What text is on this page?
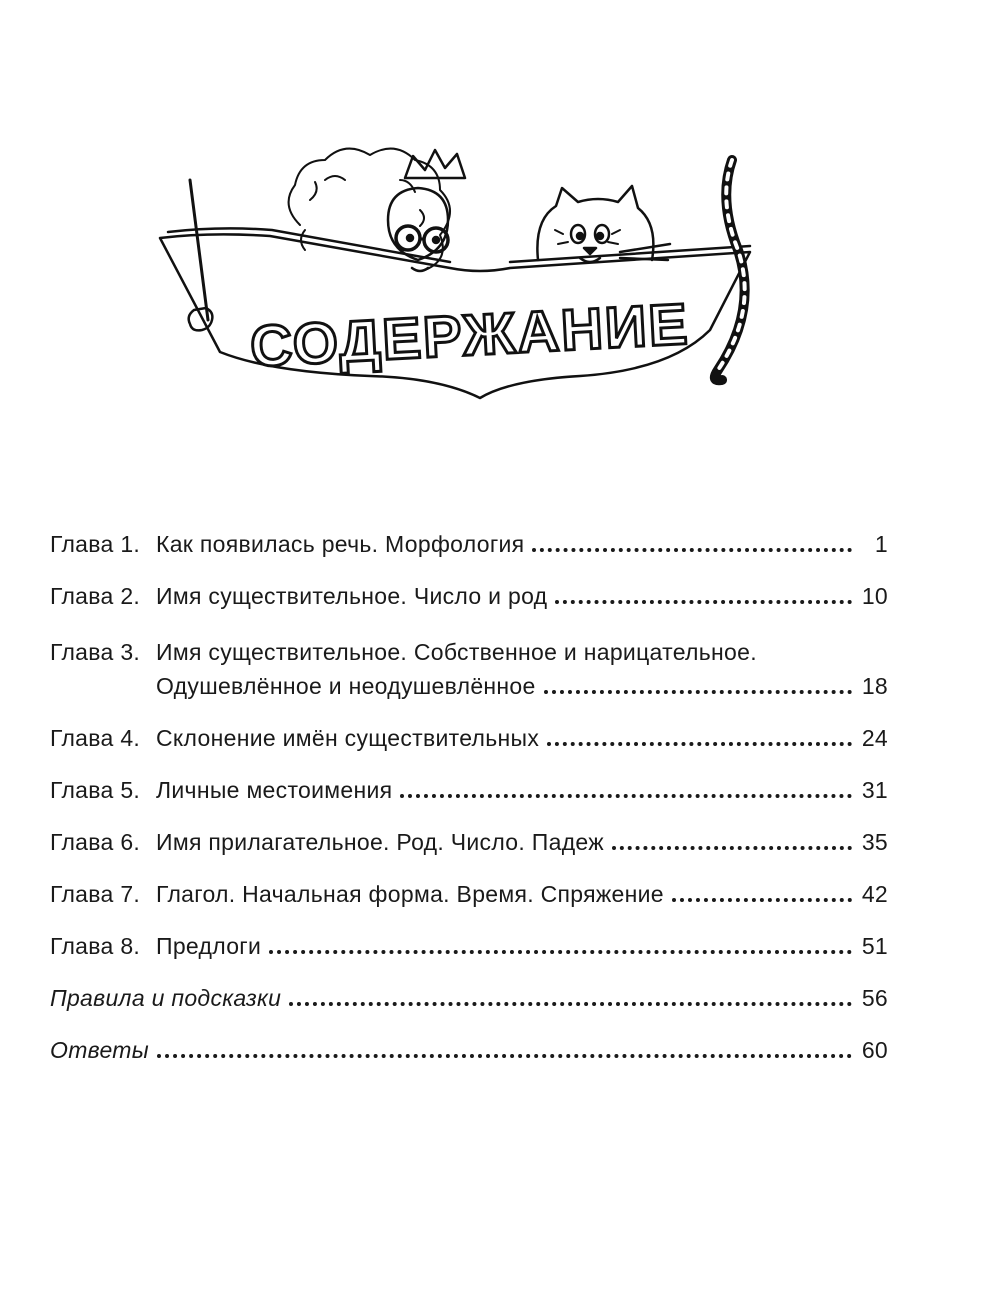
СОДЕРЖАНИЕ
Глава 1. Как появилась речь. Морфология	1
Глава 2. Имя существительное. Число и род	10
Глава 3. Имя существительное. Собственное и нарицательное.
Одушевлённое и неодушевлённое	18
Глава 4. Склонение имён существительных	24
Глава 5. Личные местоимения	31
Глава 6. Имя прилагательное. Род. Число. Падеж	35
Глава 7. Глагол. Начальная форма. Время. Спряжение	42
Глава 8. Предлоги	51
Правила и подсказки	56
Ответы	60
